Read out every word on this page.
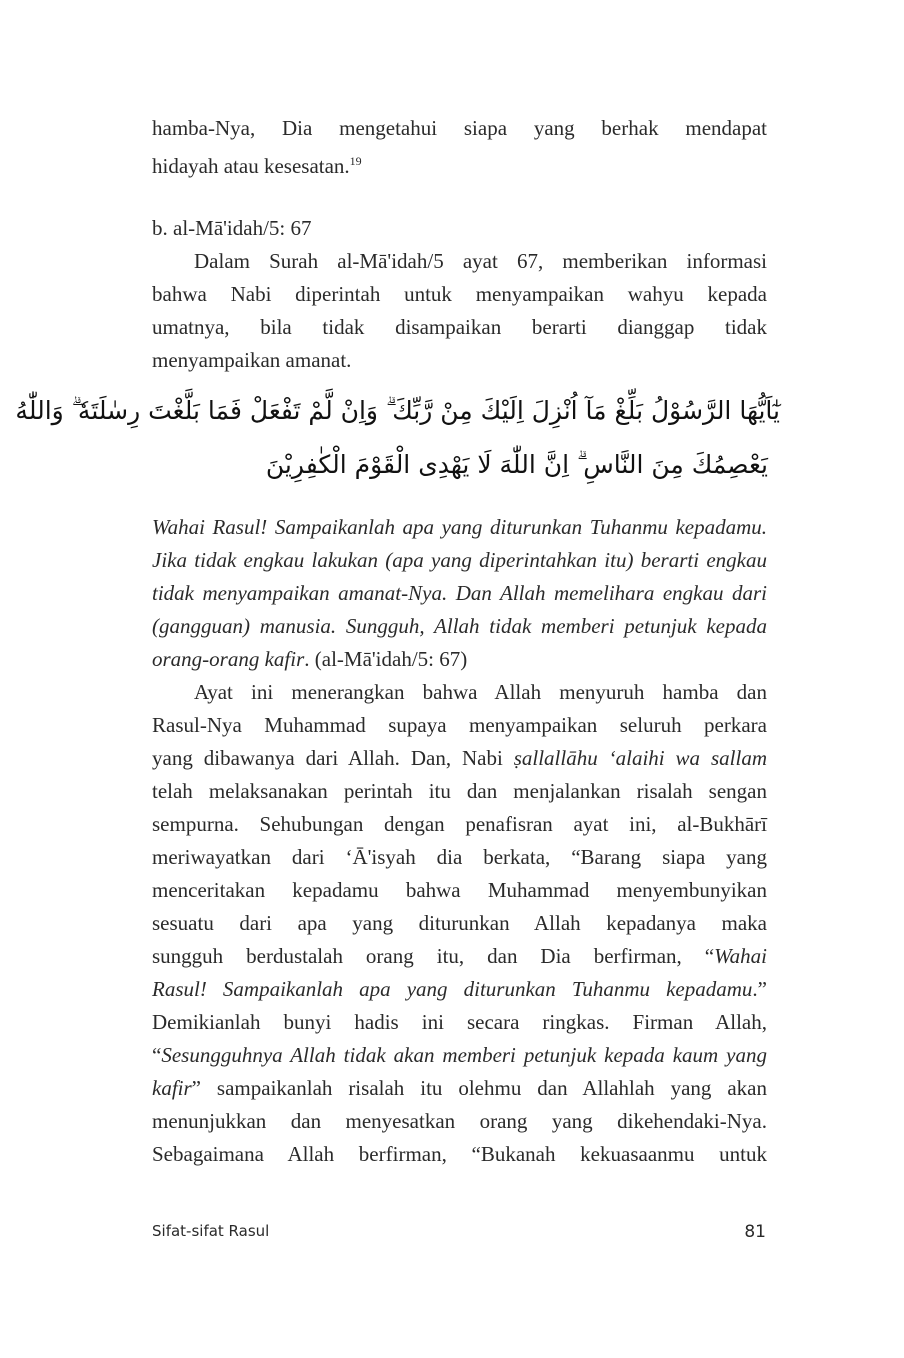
hamba-Nya, Dia mengetahui siapa yang berhak mendapat
hidayah atau kesesatan.$^{19}$
b. al-Mā'idah/5: 67
Dalam Surah al-Mā'idah/5 ayat 67, memberikan informasi
bahwa Nabi diperintah untuk menyampaikan wahyu kepada
umatnya, bila tidak disampaikan berarti dianggap tidak
menyampaikan amanat.
Wahai Rasul! Sampaikanlah apa yang diturunkan Tuhanmu kepadamu.
Jika tidak engkau lakukan (apa yang diperintahkan itu) berarti engkau
tidak menyampaikan amanat-Nya. Dan Allah memelihara engkau dari
(gangguan) manusia. Sungguh, Allah tidak memberi petunjuk kepada
orang-orang kafir. (al-Mā'idah/5: 67)
Ayat ini menerangkan bahwa Allah menyuruh hamba dan
Rasul-Nya Muhammad supaya menyampaikan seluruh perkara
yang dibawanya dari Allah. Dan, Nabi ṣallallāhu ‘alaihi wa sallam
telah melaksanakan perintah itu dan menjalankan risalah sengan
sempurna. Sehubungan dengan penafisran ayat ini, al-Bukhārī
meriwayatkan dari ‘Ā'isyah dia berkata, “Barang siapa yang
menceritakan kepadamu bahwa Muhammad menyembunyikan
sesuatu dari apa yang diturunkan Allah kepadanya maka
sungguh berdustalah orang itu, dan Dia berfirman, “Wahai
Rasul! Sampaikanlah apa yang diturunkan Tuhanmu kepadamu.”
Demikianlah bunyi hadis ini secara ringkas. Firman Allah,
“Sesungguhnya Allah tidak akan memberi petunjuk kepada kaum yang
kafir” sampaikanlah risalah itu olehmu dan Allahlah yang akan
menunjukkan dan menyesatkan orang yang dikehendaki-Nya.
Sebagaimana Allah berfirman, “Bukanah kekuasaanmu untuk
يٰٓاَيُّهَا الرَّسُوْلُ بَلِّغْ مَآ اُنْزِلَ اِلَيْكَ مِنْ رَّبِّكَ ۗ وَاِنْ لَّمْ تَفْعَلْ فَمَا بَلَّغْتَ رِسٰلَتَهٗ ۗ وَاللّٰهُ
يَعْصِمُكَ مِنَ النَّاسِ ۗ اِنَّ اللّٰهَ لَا يَهْدِى الْقَوْمَ الْكٰفِرِيْنَ
Sifat-sifat Rasul	81
